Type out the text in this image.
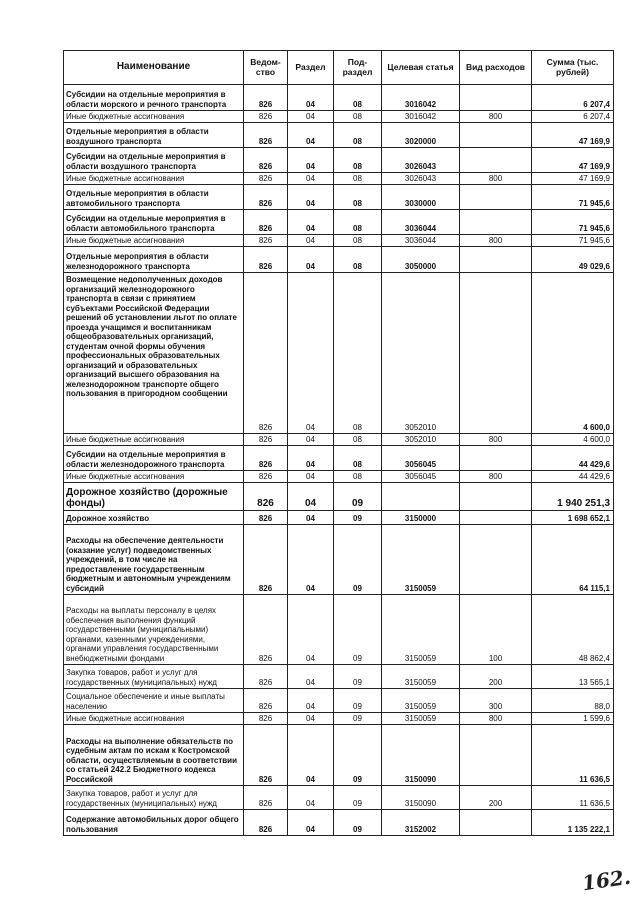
Наименование	Ведом-ство	Раздел	Под-раздел	Целевая статья	Вид расходов	Сумма (тыс. рублей)
Субсидии на отдельные мероприятия в области морского и речного транспорта	826	04	08	3016042		6 207,4
Иные бюджетные ассигнования	826	04	08	3016042	800	6 207,4
Отдельные мероприятия в области воздушного транспорта	826	04	08	3020000		47 169,9
Субсидии на отдельные мероприятия в области воздушного транспорта	826	04	08	3026043		47 169,9
Иные бюджетные ассигнования	826	04	08	3026043	800	47 169,9
Отдельные мероприятия в области автомобильного транспорта	826	04	08	3030000		71 945,6
Субсидии на отдельные мероприятия в области автомобильного транспорта	826	04	08	3036044		71 945,6
Иные бюджетные ассигнования	826	04	08	3036044	800	71 945,6
Отдельные мероприятия в области железнодорожного транспорта	826	04	08	3050000		49 029,6
Возмещение недополученных доходов организаций железнодорожного транспорта в связи с принятием субъектами Российской Федерации решений об установлении льгот по оплате проезда учащимся и воспитанникам общеобразовательных организаций, студентам очной формы обучения профессиональных образовательных организаций и образовательных организаций высшего образования на железнодорожном транспорте общего пользования в пригородном сообщении	826	04	08	3052010		4 600,0
Иные бюджетные ассигнования	826	04	08	3052010	800	4 600,0
Субсидии на отдельные мероприятия в области железнодорожного транспорта	826	04	08	3056045		44 429,6
Иные бюджетные ассигнования	826	04	08	3056045	800	44 429,6
Дорожное хозяйство (дорожные фонды)	826	04	09			1 940 251,3
Дорожное хозяйство	826	04	09	3150000		1 698 652,1
Расходы на обеспечение деятельности (оказание услуг) подведомственных учреждений, в том числе на предоставление государственным бюджетным и автономным учреждениям субсидий	826	04	09	3150059		64 115,1
Расходы на выплаты персоналу в целях обеспечения выполнения функций государственными (муниципальными) органами, казенными учреждениями, органами управления государственными внебюджетными фондами	826	04	09	3150059	100	48 862,4
Закупка товаров, работ и услуг для государственных (муниципальных) нужд	826	04	09	3150059	200	13 565,1
Социальное обеспечение и иные выплаты населению	826	04	09	3150059	300	88,0
Иные бюджетные ассигнования	826	04	09	3150059	800	1 599,6
Расходы на выполнение обязательств по судебным актам по искам к Костромской области, осуществляемым в соответствии со статьей 242.2 Бюджетного кодекса Российской	826	04	09	3150090		11 636,5
Закупка товаров, работ и услуг для государственных (муниципальных) нужд	826	04	09	3150090	200	11 636,5
Содержание автомобильных дорог общего пользования	826	04	09	3152002		1 135 222,1
162.
